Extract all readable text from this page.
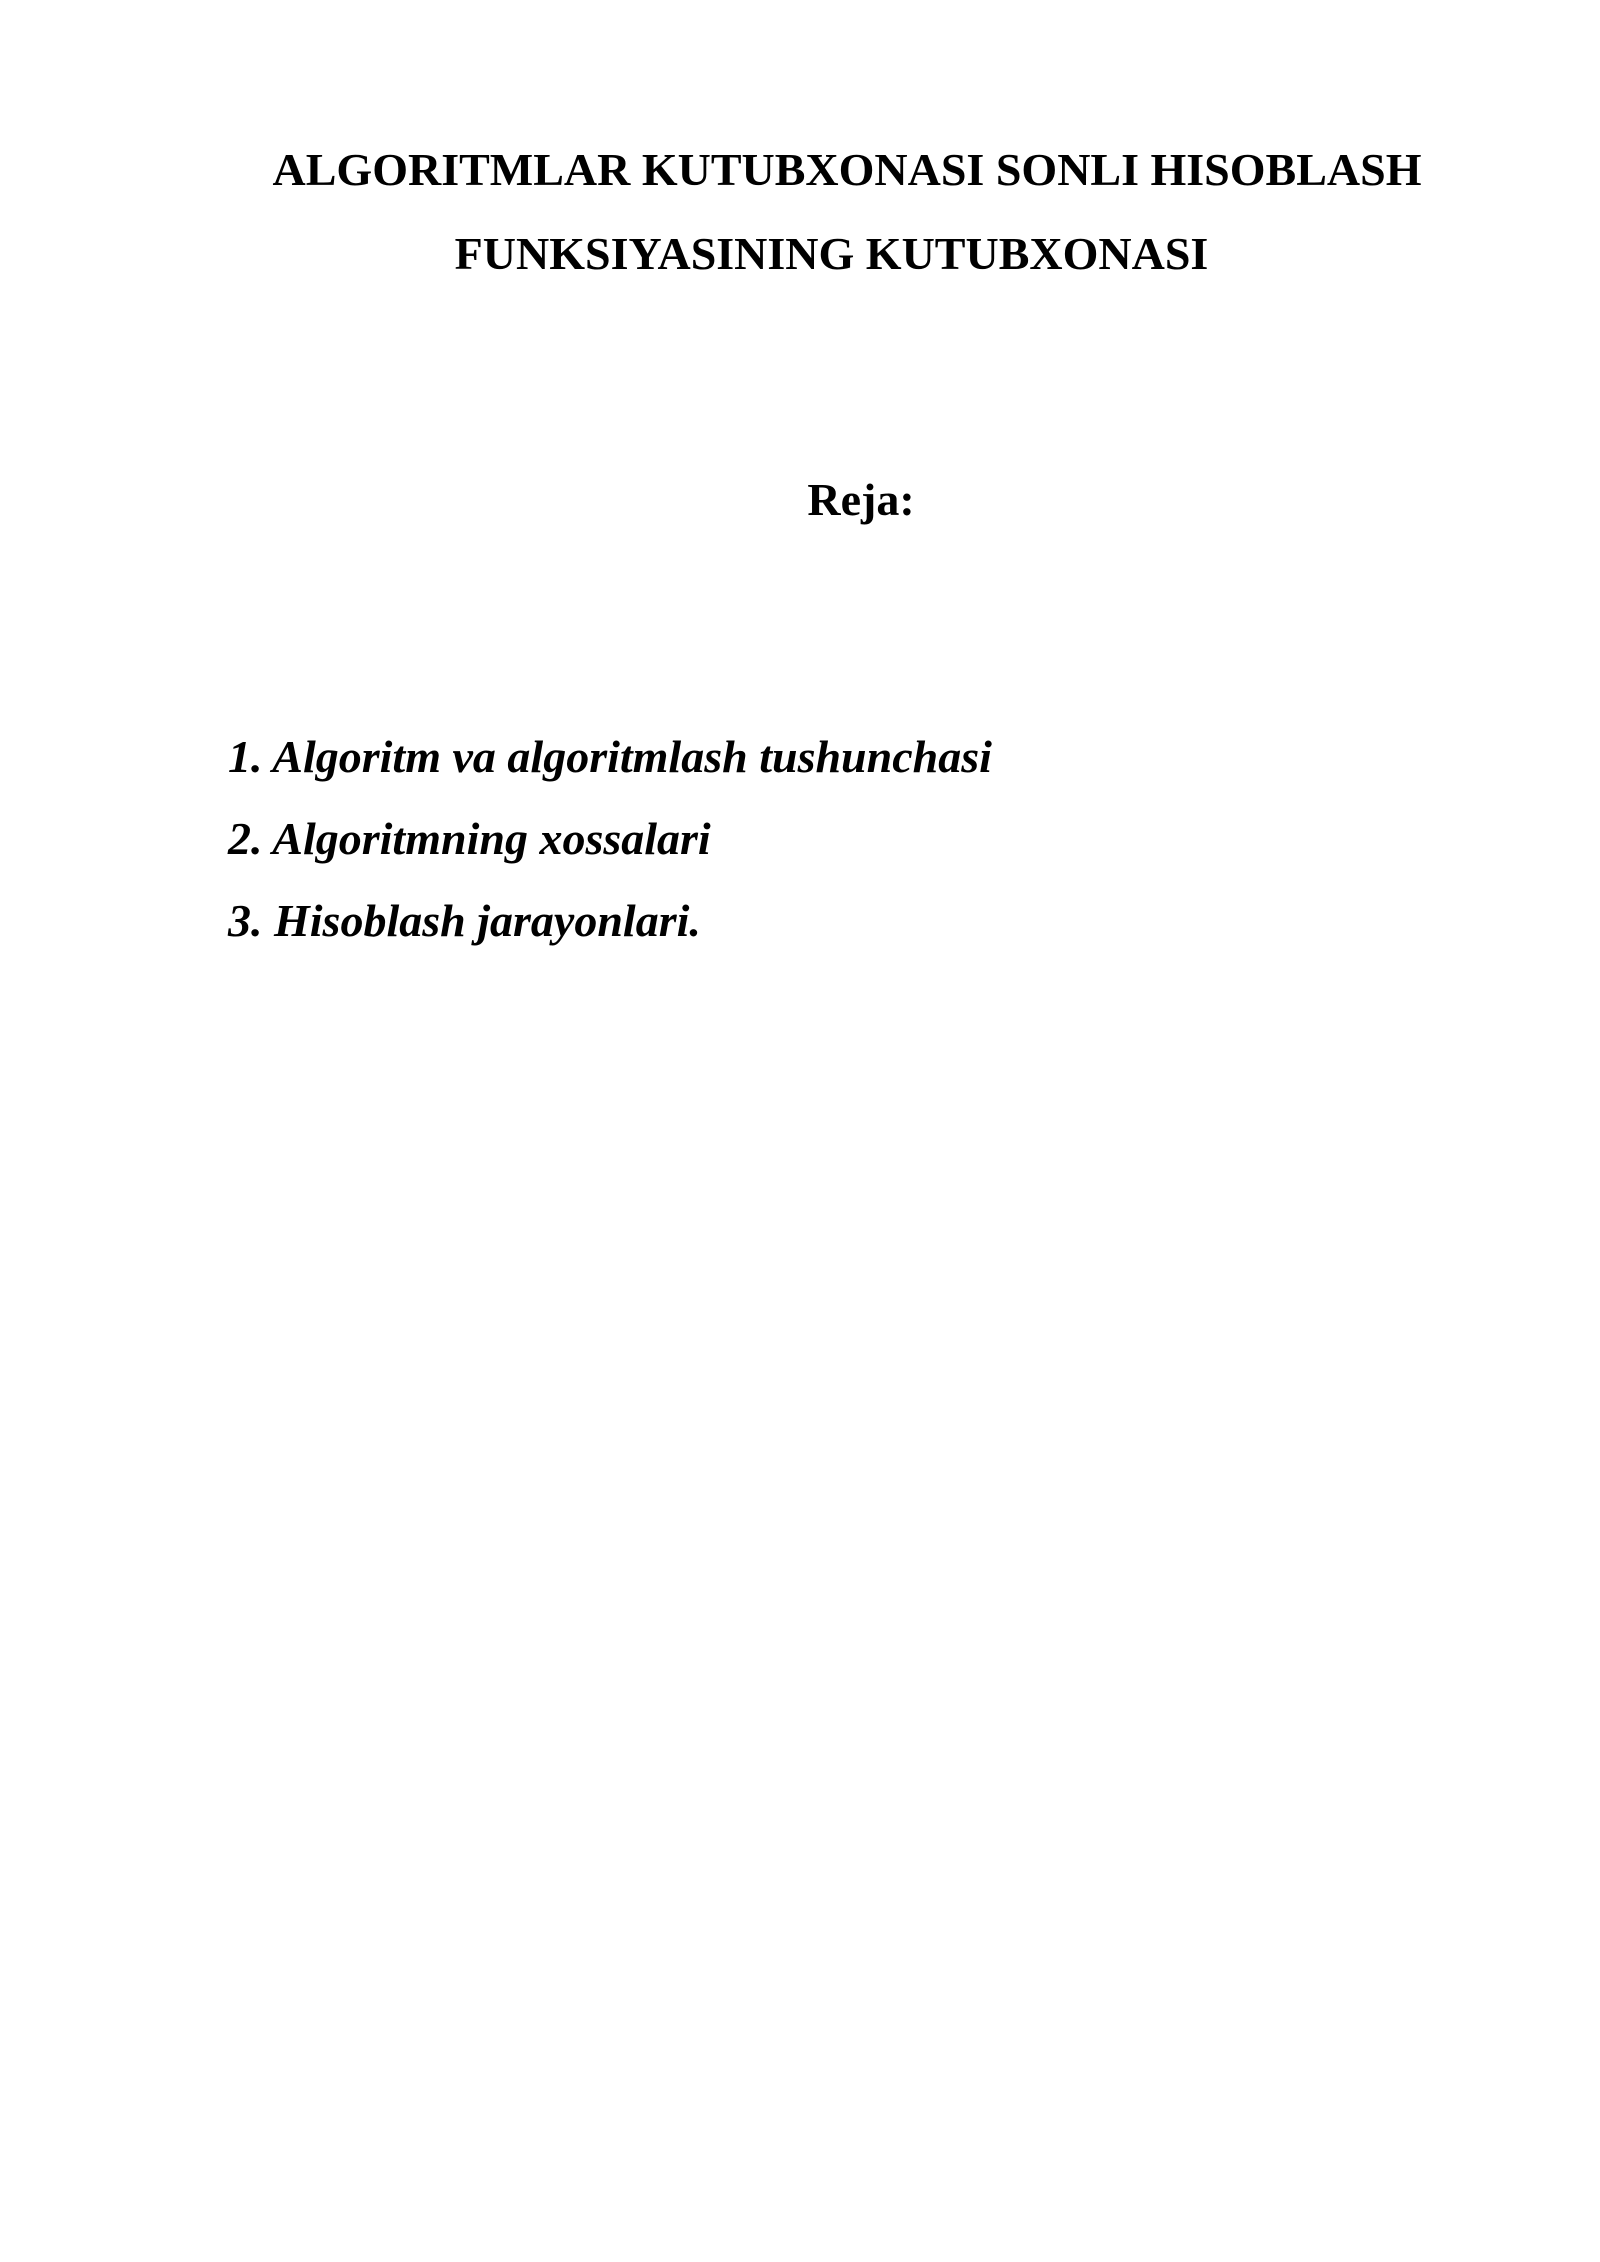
ALGORITMLAR KUTUBXONASI SONLI HISOBLASH
FUNKSIYASINING KUTUBXONASI
Reja:
1. Algoritm va algoritmlash tushunchasi
2. Algoritmning xossalari
3. Hisoblash jarayonlari.
